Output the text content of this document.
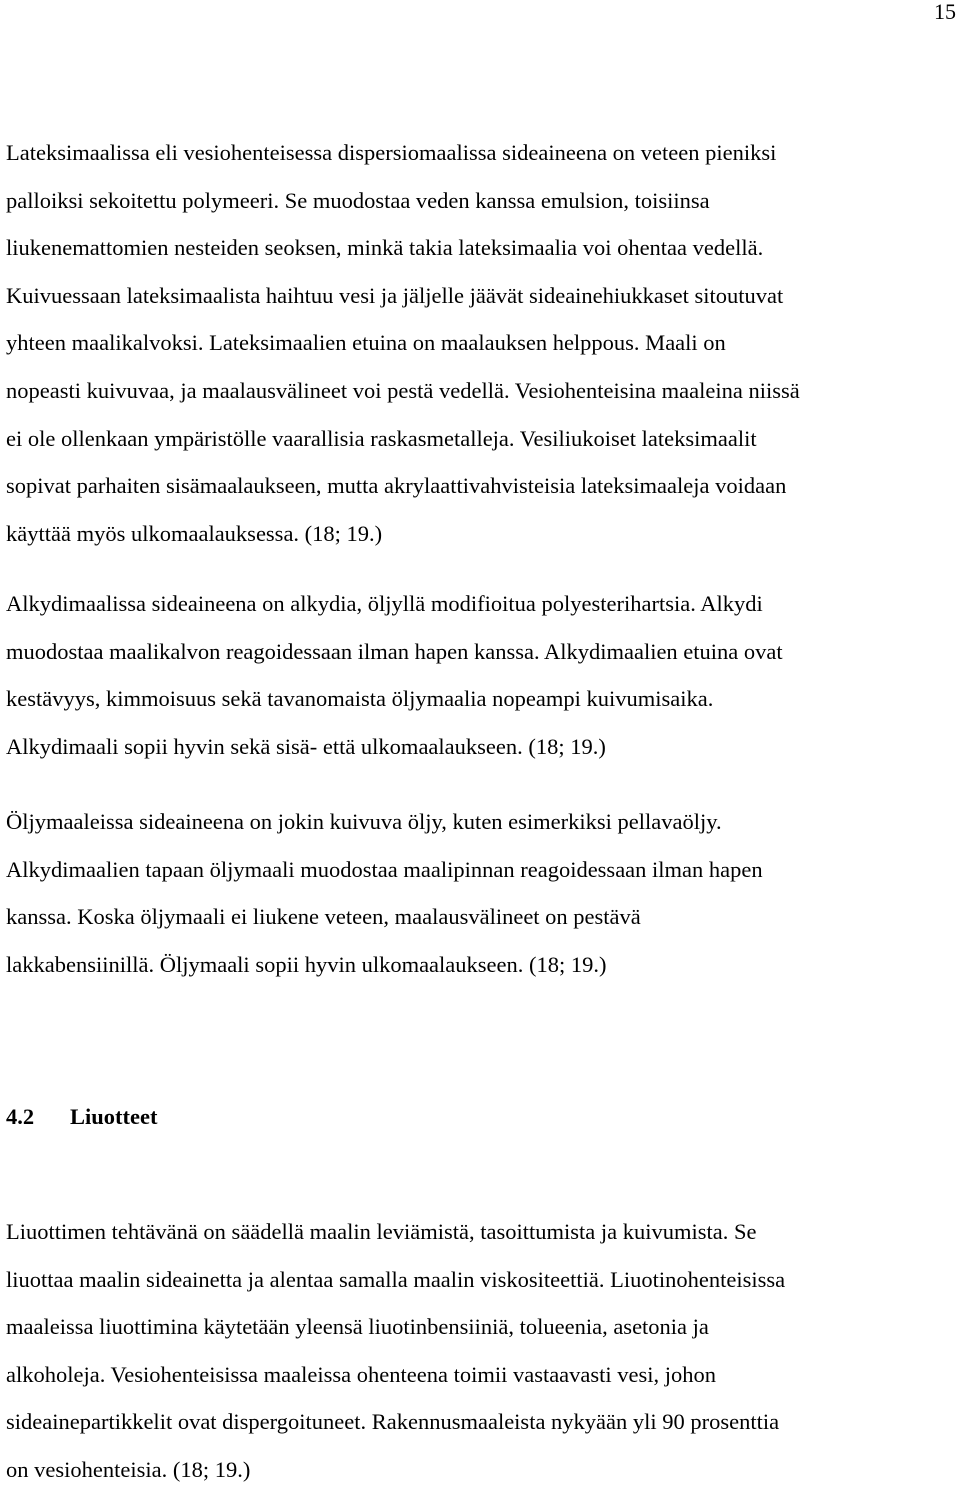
15
Lateksimaalissa eli vesiohenteisessa dispersiomaalissa sideaineena on veteen pieniksi
palloiksi sekoitettu polymeeri. Se muodostaa veden kanssa emulsion, toisiinsa
liukenemattomien nesteiden seoksen, minkä takia lateksimaalia voi ohentaa vedellä.
Kuivuessaan lateksimaalista haihtuu vesi ja jäljelle jäävät sideainehiukkaset sitoutuvat
yhteen maalikalvoksi. Lateksimaalien etuina on maalauksen helppous. Maali on
nopeasti kuivuvaa, ja maalausvälineet voi pestä vedellä. Vesiohenteisina maaleina niissä
ei ole ollenkaan ympäristölle vaarallisia raskasmetalleja. Vesiliukoiset lateksimaalit
sopivat parhaiten sisämaalaukseen, mutta akrylaattivahvisteisia lateksimaaleja voidaan
käyttää myös ulkomaalauksessa. (18; 19.)
Alkydimaalissa sideaineena on alkydia, öljyllä modifioitua polyesterihartsia. Alkydi
muodostaa maalikalvon reagoidessaan ilman hapen kanssa. Alkydimaalien etuina ovat
kestävyys, kimmoisuus sekä tavanomaista öljymaalia nopeampi kuivumisaika.
Alkydimaali sopii hyvin sekä sisä- että ulkomaalaukseen. (18; 19.)
Öljymaaleissa sideaineena on jokin kuivuva öljy, kuten esimerkiksi pellavaöljy.
Alkydimaalien tapaan öljymaali muodostaa maalipinnan reagoidessaan ilman hapen
kanssa. Koska öljymaali ei liukene veteen, maalausvälineet on pestävä
lakkabensiinillä. Öljymaali sopii hyvin ulkomaalaukseen. (18; 19.)
4.2 Liuotteet
Liuottimen tehtävänä on säädellä maalin leviämistä, tasoittumista ja kuivumista. Se
liuottaa maalin sideainetta ja alentaa samalla maalin viskositeettiä. Liuotinohenteisissa
maaleissa liuottimina käytetään yleensä liuotinbensiiniä, tolueenia, asetonia ja
alkoholeja. Vesiohenteisissa maaleissa ohenteena toimii vastaavasti vesi, johon
sideainepartikkelit ovat dispergoituneet. Rakennusmaaleista nykyään yli 90 prosenttia
on vesiohenteisia. (18; 19.)
